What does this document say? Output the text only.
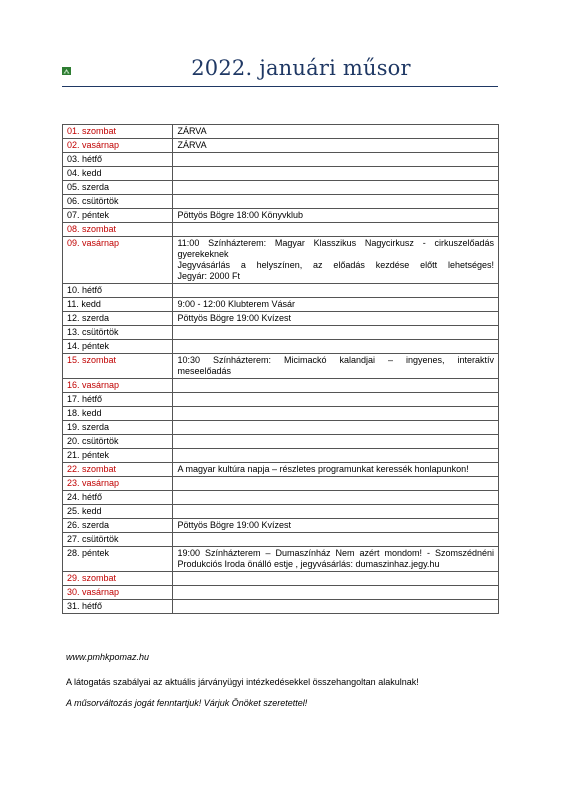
2022. januári műsor
01. szombat	ZÁRVA

02. vasárnap	ZÁRVA

03. hétfő	
04. kedd	
05. szerda	
06. csütörtök	
07. péntek	Pöttyös Bögre 18:00 Könyvklub

08. szombat	
09. vasárnap	11:00 Színházterem: Magyar Klasszikus Nagycirkusz - cirkuszelőadás
gyerekeknek
Jegyvásárlás a helyszínen, az előadás kezdése előtt lehetséges!
Jegyár: 2000 Ft

10. hétfő	
11. kedd	9:00 - 12:00 Klubterem Vásár

12. szerda	Pöttyös Bögre 19:00 Kvízest

13. csütörtök	
14. péntek	
15. szombat	10:30 Színházterem: Micimackó kalandjai – ingyenes, interaktív
meseelőadás

16. vasárnap	
17. hétfő	
18. kedd	
19. szerda	
20. csütörtök	
21. péntek	
22. szombat	A magyar kultúra napja – részletes programunkat keressék honlapunkon!

23. vasárnap	
24. hétfő	
25. kedd	
26. szerda	Pöttyös Bögre 19:00 Kvízest

27. csütörtök	
28. péntek	19:00 Színházterem – Dumaszínház Nem azért mondom! - Szomszédnéni
Produkciós Iroda önálló estje , jegyvásárlás: dumaszinhaz.jegy.hu

29. szombat	
30. vasárnap	
31. hétfő	
www.pmhkpomaz.hu
A látogatás szabályai az aktuális járványügyi intézkedésekkel összehangoltan alakulnak!
A műsorváltozás jogát fenntartjuk! Várjuk Önöket szeretettel!
